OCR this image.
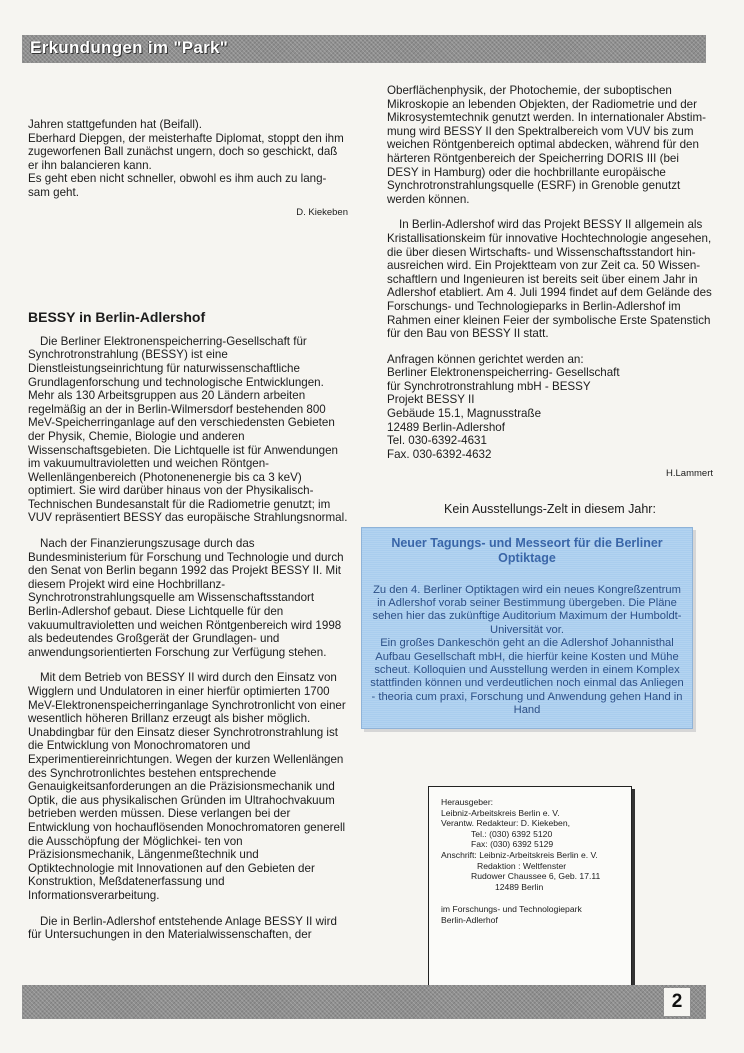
Erkundungen im "Park"

Jahren stattgefunden hat (Beifall).

Eberhard Diepgen, der meisterhafte Diplomat, stoppt den ihm zugeworfenen Ball zunächst ungern, doch so geschickt, daß er ihn balancieren kann.

Es geht eben nicht schneller, obwohl es ihm auch zu lang- sam geht.

D. Kiekeben

BESSY in Berlin-Adlershof

Die Berliner Elektronenspeicherring-Gesellschaft für Synchrotronstrahlung (BESSY) ist eine Dienstleistungseinrichtung für naturwissenschaftliche Grundlagenforschung und technologische Entwicklungen. Mehr als 130 Arbeitsgruppen aus 20 Ländern arbeiten regelmäßig an der in Berlin-Wilmersdorf bestehenden 800 MeV-Speicherringanlage auf den verschiedensten Gebieten der Physik, Chemie, Biologie und anderen Wissenschaftsgebieten. Die Lichtquelle ist für Anwendungen im vakuumultravioletten und weichen Röntgen-Wellenlängenbereich (Photonenenergie bis ca 3 keV) optimiert. Sie wird darüber hinaus von der Physikalisch-Technischen Bundesanstalt für die Radiometrie genutzt; im VUV repräsentiert BESSY das europäische Strahlungsnormal.

Nach der Finanzierungszusage durch das Bundesministerium für Forschung und Technologie und durch den Senat von Berlin begann 1992 das Projekt BESSY II. Mit diesem Projekt wird eine Hochbrillanz-Synchrotronstrahlungsquelle am Wissenschaftsstandort Berlin-Adlershof gebaut. Diese Lichtquelle für den vakuumultravioletten und weichen Röntgenbereich wird 1998 als bedeutendes Großgerät der Grundlagen- und anwendungsorientierten Forschung zur Verfügung stehen.

Mit dem Betrieb von BESSY II wird durch den Einsatz von Wigglern und Undulatoren in einer hierfür optimierten 1700 MeV-Elektronenspeicherringanlage Synchrotronlicht von einer wesentlich höheren Brillanz erzeugt als bisher möglich. Unabdingbar für den Einsatz dieser Synchrotronstrahlung ist die Entwicklung von Monochromatoren und Experimentiereinrichtungen. Wegen der kurzen Wellenlängen des Synchrotronlichtes bestehen entsprechende Genauigkeitsanforderungen an die Präzisionsmechanik und Optik, die aus physikalischen Gründen im Ultrahochvakuum betrieben werden müssen. Diese verlangen bei der Entwicklung von hochauflösenden Monochromatoren generell die Ausschöpfung der Möglichkei- ten von Präzisionsmechanik, Längenmeßtechnik und Optiktechnologie mit Innovationen auf den Gebieten der Konstruktion, Meßdatenerfassung und Informationsverarbeitung.

Die in Berlin-Adlershof entstehende Anlage BESSY II wird für Untersuchungen in den Materialwissenschaften, der

Oberflächenphysik, der Photochemie, der suboptischen Mikroskopie an lebenden Objekten, der Radiometrie und der Mikrosystemtechnik genutzt werden. In internationaler Abstim- mung wird BESSY II den Spektralbereich vom VUV bis zum weichen Röntgenbereich optimal abdecken, während für den härteren Röntgenbereich der Speicherring DORIS III (bei DESY in Hamburg) oder die hochbrillante europäische Synchrotronstrahlungsquelle (ESRF) in Grenoble genutzt werden können.

In Berlin-Adlershof wird das Projekt BESSY II allgemein als Kristallisationskeim für innovative Hochtechnologie angesehen, die über diesen Wirtschafts- und Wissenschaftsstandort hin- ausreichen wird. Ein Projektteam von zur Zeit ca. 50 Wissen- schaftlern und Ingenieuren ist bereits seit über einem Jahr in Adlershof etabliert. Am 4. Juli 1994 findet auf dem Gelände des Forschungs- und Technologieparks in Berlin-Adlershof im Rahmen einer kleinen Feier der symbolische Erste Spatenstich für den Bau von BESSY II statt.

Anfragen können gerichtet werden an:

Berliner Elektronenspeicherring- Gesellschaft

für Synchrotronstrahlung mbH - BESSY

Projekt BESSY II

Gebäude 15.1, Magnusstraße

12489 Berlin-Adlershof

Tel. 030-6392-4631

Fax. 030-6392-4632

H.Lammert

Kein Ausstellungs-Zelt in diesem Jahr:

Neuer Tagungs- und Messeort für die Berliner Optiktage

Zu den 4. Berliner Optiktagen wird ein neues Kongreßzentrum in Adlershof vorab seiner Bestimmung übergeben. Die Pläne sehen hier das zukünftige Auditorium Maximum der Humboldt-Universität vor.

Ein großes Dankeschön geht an die Adlershof Johannisthal Aufbau Gesellschaft mbH, die hierfür keine Kosten und Mühe scheut. Kolloquien und Ausstellung werden in einem Komplex stattfinden können und verdeutlichen noch einmal das Anliegen - theoria cum praxi, Forschung und Anwendung gehen Hand in Hand

Herausgeber:

Leibniz-Arbeitskreis Berlin e. V.

Verantw. Redakteur: D. Kiekeben,

Tel.: (030) 6392 5120

Fax: (030) 6392 5129

Anschrift: Leibniz-Arbeitskreis Berlin e. V.

Redaktion : Weltfenster

Rudower Chaussee 6, Geb. 17.11

12489 Berlin

im Forschungs- und Technologiepark

Berlin-Adlerhof

2
